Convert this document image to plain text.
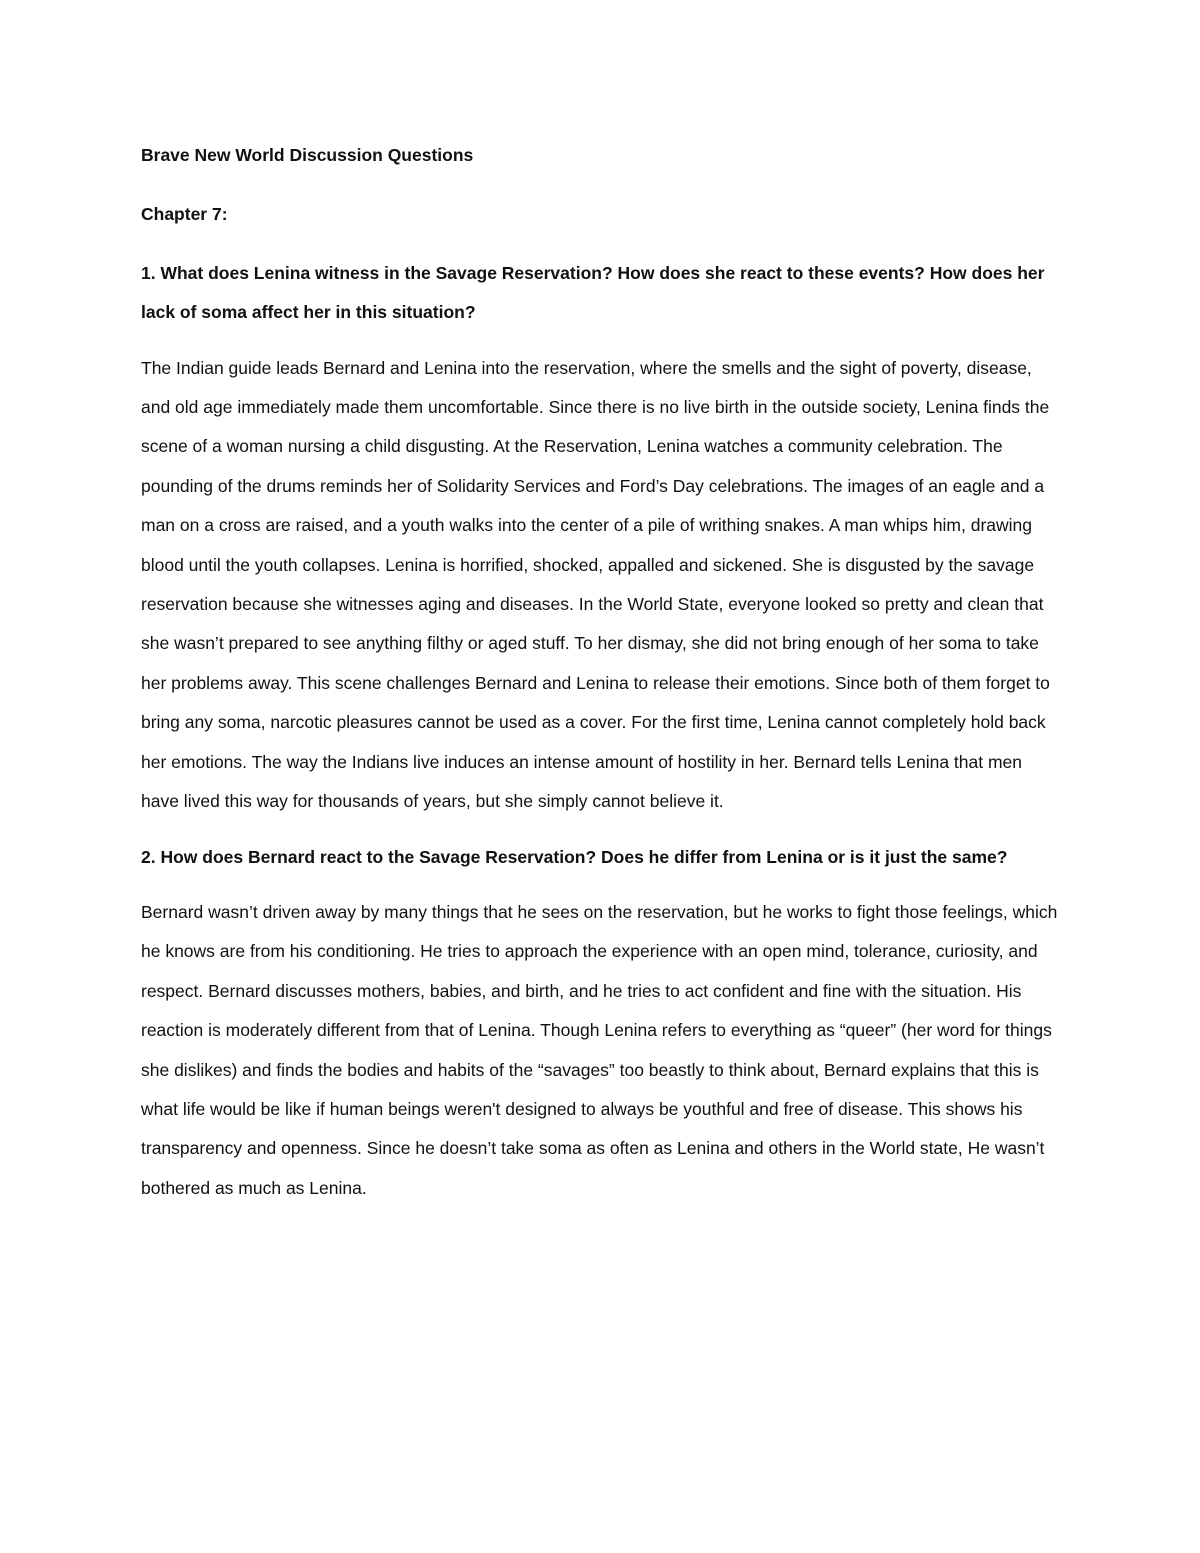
Brave New World Discussion Questions

Chapter 7:

1. What does Lenina witness in the Savage Reservation? How does she react to these events? How does her lack of soma affect her in this situation?

The Indian guide leads Bernard and Lenina into the reservation, where the smells and the sight of poverty, disease, and old age immediately made them uncomfortable. Since there is no live birth in the outside society, Lenina finds the scene of a woman nursing a child disgusting. At the Reservation, Lenina watches a community celebration. The pounding of the drums reminds her of Solidarity Services and Ford’s Day celebrations. The images of an eagle and a man on a cross are raised, and a youth walks into the center of a pile of writhing snakes. A man whips him, drawing blood until the youth collapses. Lenina is horrified, shocked, appalled and sickened. She is disgusted by the savage reservation because she witnesses aging and diseases. In the World State, everyone looked so pretty and clean that she wasn’t prepared to see anything filthy or aged stuff. To her dismay, she did not bring enough of her soma to take her problems away. This scene challenges Bernard and Lenina to release their emotions. Since both of them forget to bring any soma, narcotic pleasures cannot be used as a cover. For the first time, Lenina cannot completely hold back her emotions. The way the Indians live induces an intense amount of hostility in her. Bernard tells Lenina that men have lived this way for thousands of years, but she simply cannot believe it.

2. How does Bernard react to the Savage Reservation? Does he differ from Lenina or is it just the same?

Bernard wasn’t driven away by many things that he sees on the reservation, but he works to fight those feelings, which he knows are from his conditioning. He tries to approach the experience with an open mind, tolerance, curiosity, and respect. Bernard discusses mothers, babies, and birth, and he tries to act confident and fine with the situation. His reaction is moderately different from that of Lenina. Though Lenina refers to everything as “queer” (her word for things she dislikes) and finds the bodies and habits of the “savages” too beastly to think about, Bernard explains that this is what life would be like if human beings weren't designed to always be youthful and free of disease. This shows his transparency and openness. Since he doesn’t take soma as often as Lenina and others in the World state, He wasn’t bothered as much as Lenina.
